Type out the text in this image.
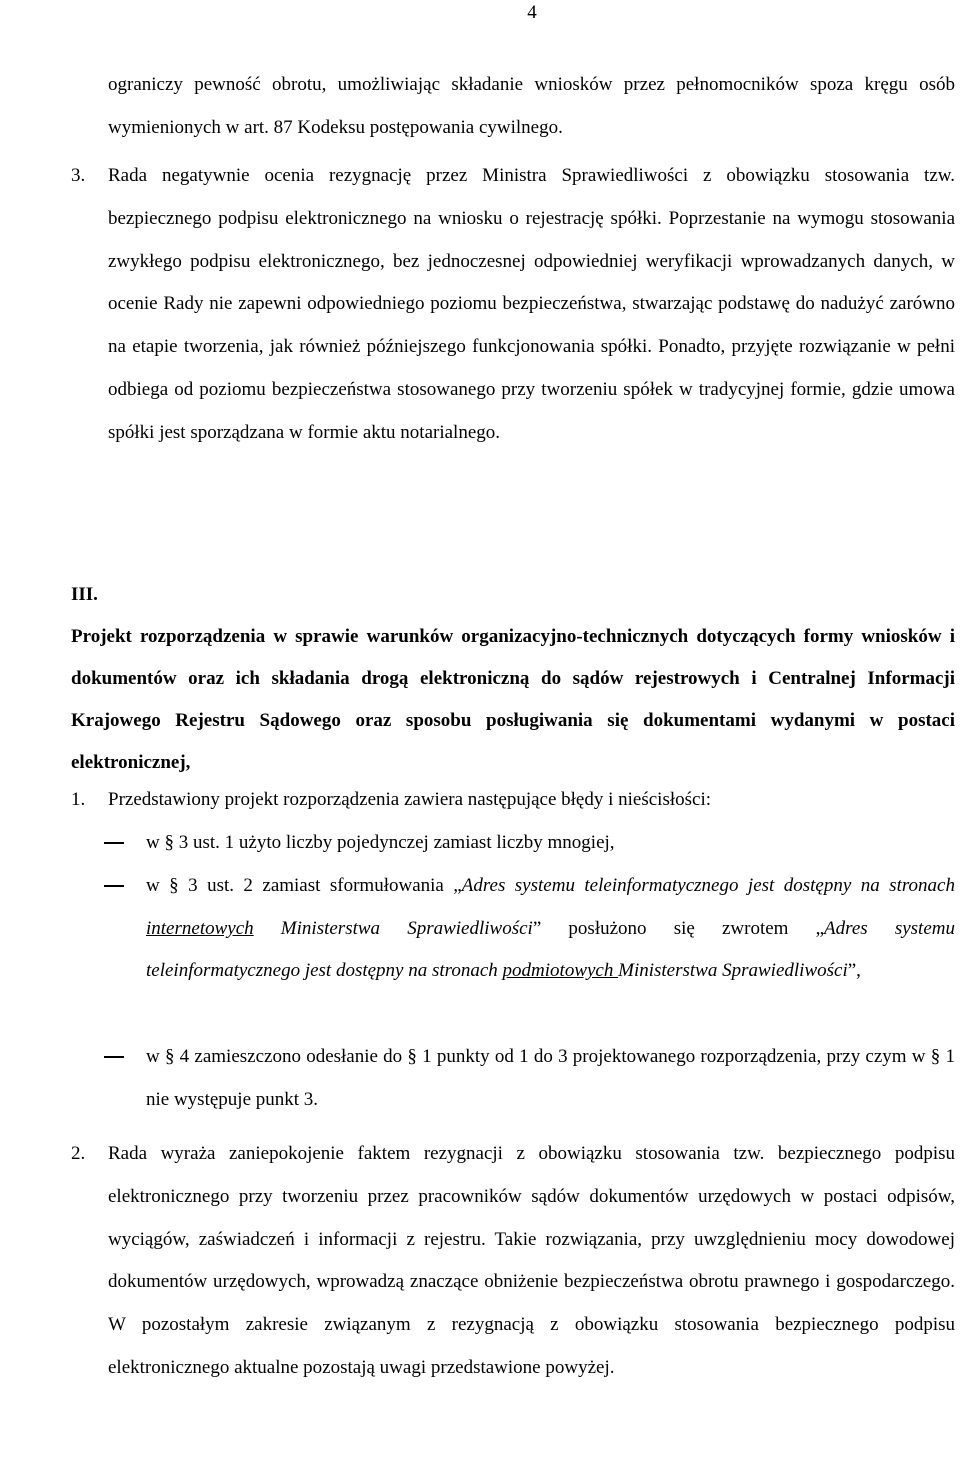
4

ograniczy pewność obrotu, umożliwiając składanie wniosków przez pełnomocników spoza kręgu osób wymienionych w art. 87 Kodeksu postępowania cywilnego.

3. Rada negatywnie ocenia rezygnację przez Ministra Sprawiedliwości z obowiązku stosowania tzw. bezpiecznego podpisu elektronicznego na wniosku o rejestrację spółki. Poprzestanie na wymogu stosowania zwykłego podpisu elektronicznego, bez jednoczesnej odpowiedniej weryfikacji wprowadzanych danych, w ocenie Rady nie zapewni odpowiedniego poziomu bezpieczeństwa, stwarzając podstawę do nadużyć zarówno na etapie tworzenia, jak również późniejszego funkcjonowania spółki. Ponadto, przyjęte rozwiązanie w pełni odbiega od poziomu bezpieczeństwa stosowanego przy tworzeniu spółek w tradycyjnej formie, gdzie umowa spółki jest sporządzana w formie aktu notarialnego.

III.

Projekt rozporządzenia w sprawie warunków organizacyjno-technicznych dotyczących formy wniosków i dokumentów oraz ich składania drogą elektroniczną do sądów rejestrowych i Centralnej Informacji Krajowego Rejestru Sądowego oraz sposobu posługiwania się dokumentami wydanymi w postaci elektronicznej,

1. Przedstawiony projekt rozporządzenia zawiera następujące błędy i nieścisłości:

w § 3 ust. 1 użyto liczby pojedynczej zamiast liczby mnogiej,

w § 3 ust. 2 zamiast sformułowania „Adres systemu teleinformatycznego jest dostępny na stronach internetowych Ministerstwa Sprawiedliwości” posłużono się zwrotem „Adres systemu teleinformatycznego jest dostępny na stronach podmiotowych Ministerstwa Sprawiedliwości”,

w § 4 zamieszczono odesłanie do § 1 punkty od 1 do 3 projektowanego rozporządzenia, przy czym w § 1 nie występuje punkt 3.

2. Rada wyraża zaniepokojenie faktem rezygnacji z obowiązku stosowania tzw. bezpiecznego podpisu elektronicznego przy tworzeniu przez pracowników sądów dokumentów urzędowych w postaci odpisów, wyciągów, zaświadczeń i informacji z rejestru. Takie rozwiązania, przy uwzględnieniu mocy dowodowej dokumentów urzędowych, wprowadzą znaczące obniżenie bezpieczeństwa obrotu prawnego i gospodarczego. W pozostałym zakresie związanym z rezygnacją z obowiązku stosowania bezpiecznego podpisu elektronicznego aktualne pozostają uwagi przedstawione powyżej.
